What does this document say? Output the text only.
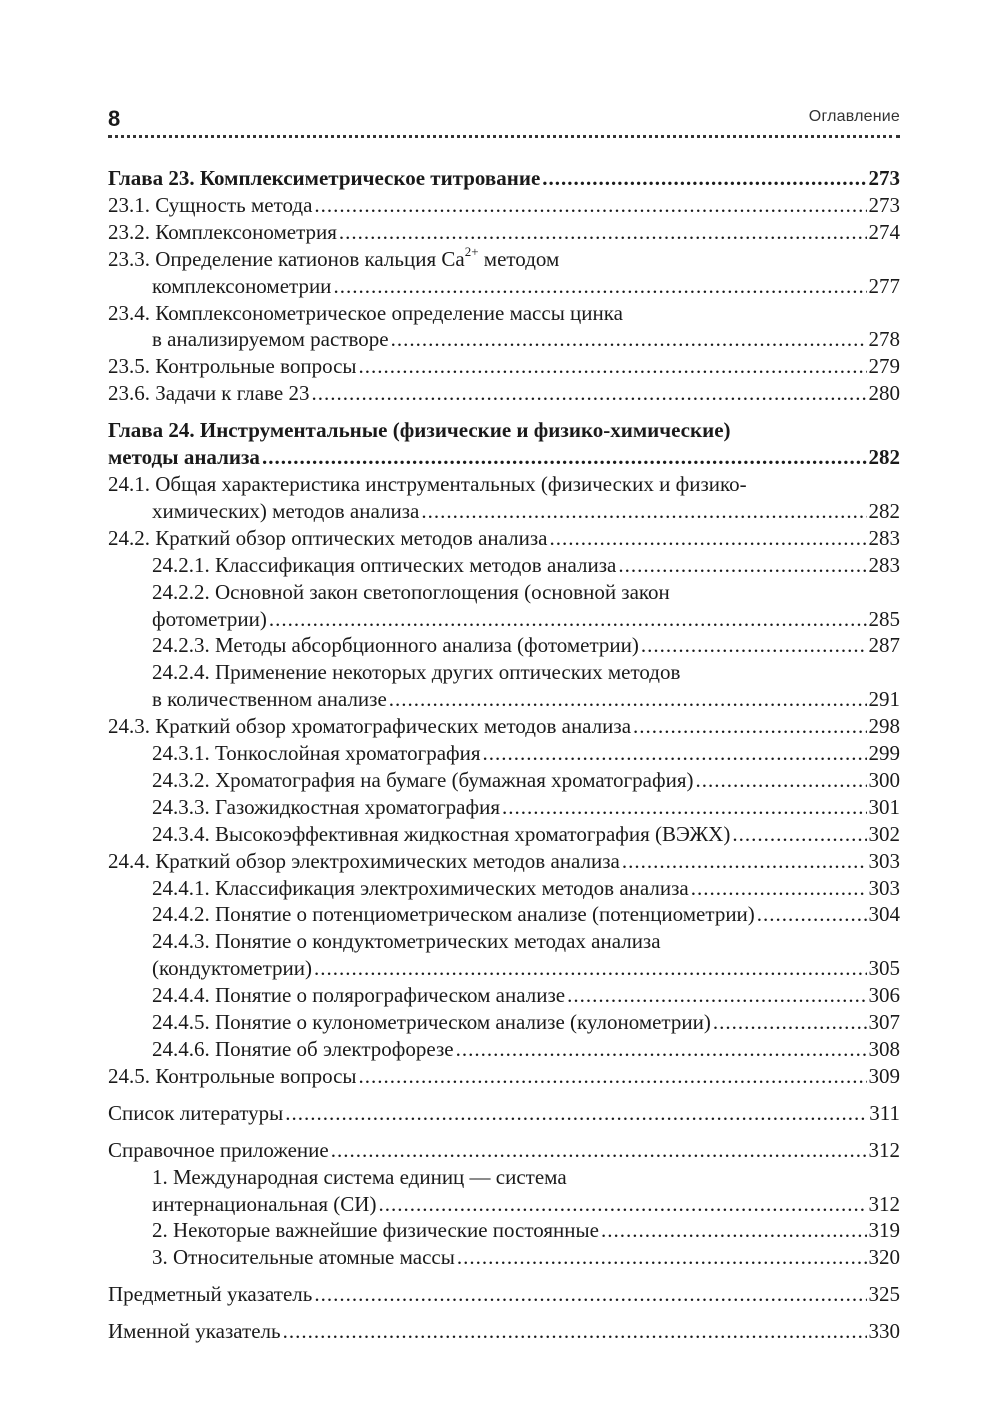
8	Оглавление
Глава 23. Комплексиметрическое титрование .....	273
23.1. Сущность метода .....	273
23.2. Комплексонометрия .....	274
23.3. Определение катионов кальция $Са^{2+}$ методом
комплексонометрии .....	277
23.4. Комплексонометрическое определение массы цинка
в анализируемом растворе .....	278
23.5. Контрольные вопросы .....	279
23.6. Задачи к главе 23 .....	280
Глава 24. Инструментальные (физические и физико-химические)
методы анализа .....	282
24.1. Общая характеристика инструментальных (физических и физико-
химических) методов анализа .....	282
24.2. Краткий обзор оптических методов анализа .....	283
24.2.1. Классификация оптических методов анализа .....	283
24.2.2. Основной закон светопоглощения (основной закон
фотометрии) .....	285
24.2.3. Методы абсорбционного анализа (фотометрии) .....	287
24.2.4. Применение некоторых других оптических методов
в количественном анализе .....	291
24.3. Краткий обзор хроматографических методов анализа .....	298
24.3.1. Тонкослойная хроматография .....	299
24.3.2. Хроматография на бумаге (бумажная хроматография) .....	300
24.3.3. Газожидкостная хроматография .....	301
24.3.4. Высокоэффективная жидкостная хроматография (ВЭЖХ) .....	302
24.4. Краткий обзор электрохимических методов анализа .....	303
24.4.1. Классификация электрохимических методов анализа .....	303
24.4.2. Понятие о потенциометрическом анализе (потенциометрии) .....	304
24.4.3. Понятие о кондуктометрических методах анализа
(кондуктометрии) .....	305
24.4.4. Понятие о полярографическом анализе .....	306
24.4.5. Понятие о кулонометрическом анализе (кулонометрии) .....	307
24.4.6. Понятие об электрофорезе .....	308
24.5. Контрольные вопросы .....	309
Список литературы .....	311
Справочное приложение .....	312
1. Международная система единиц — система
интернациональная (СИ) .....	312
2. Некоторые важнейшие физические постоянные .....	319
3. Относительные атомные массы .....	320
Предметный указатель .....	325
Именной указатель .....	330
